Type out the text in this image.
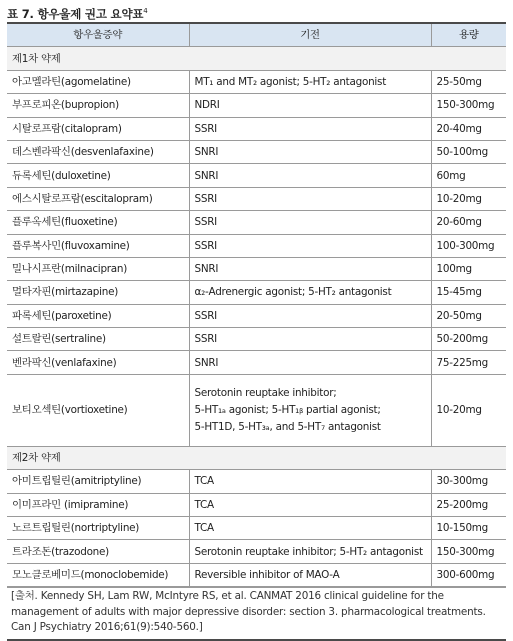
표 7. 항우울제 권고 요약표$^4$
항우울증약	기전	용량
제1차 약제		
아고멜라틴(agomelatine)	MT₁ and MT₂ agonist; 5-HT₂ antagonist	25-50mg
부프로피온(bupropion)	NDRI	150-300mg
시탈로프람(citalopram)	SSRI	20-40mg
데스벤라팍신(desvenlafaxine)	SNRI	50-100mg
듀록세틴(duloxetine)	SNRI	60mg
에스시탈로프람(escitalopram)	SSRI	10-20mg
플루옥세틴(fluoxetine)	SSRI	20-60mg
플루복사민(fluvoxamine)	SSRI	100-300mg
밀나시프란(milnacipran)	SNRI	100mg
멀타자핀(mirtazapine)	α₂-Adrenergic agonist; 5-HT₂ antagonist	15-45mg
파록세틴(paroxetine)	SSRI	20-50mg
설트랄린(sertraline)	SSRI	50-200mg
벤라팍신(venlafaxine)	SNRI	75-225mg
보티오섹틴(vortioxetine)	Serotonin reuptake inhibitor;
5-HT₁ₐ agonist; 5-HT₁ᵦ partial agonist;
5-HT1D, 5-HT₃ₐ, and 5-HT₇ antagonist	10-20mg
제2차 약제		
아미트립틸린(amitriptyline)	TCA	30-300mg
이미프라민 (imipramine)	TCA	25-200mg
노르트립틸린(nortriptyline)	TCA	10-150mg
트라조돈(trazodone)	Serotonin reuptake inhibitor; 5-HT₂ antagonist	150-300mg
모노클로베미드(monoclobemide)	Reversible inhibitor of MAO-A	300-600mg
[출처. Kennedy SH, Lam RW, McIntyre RS, et al. CANMAT 2016 clinical guideline for the management of adults with major depressive disorder: section 3. pharmacological treatments. Can J Psychiatry 2016;61(9):540-560.]
